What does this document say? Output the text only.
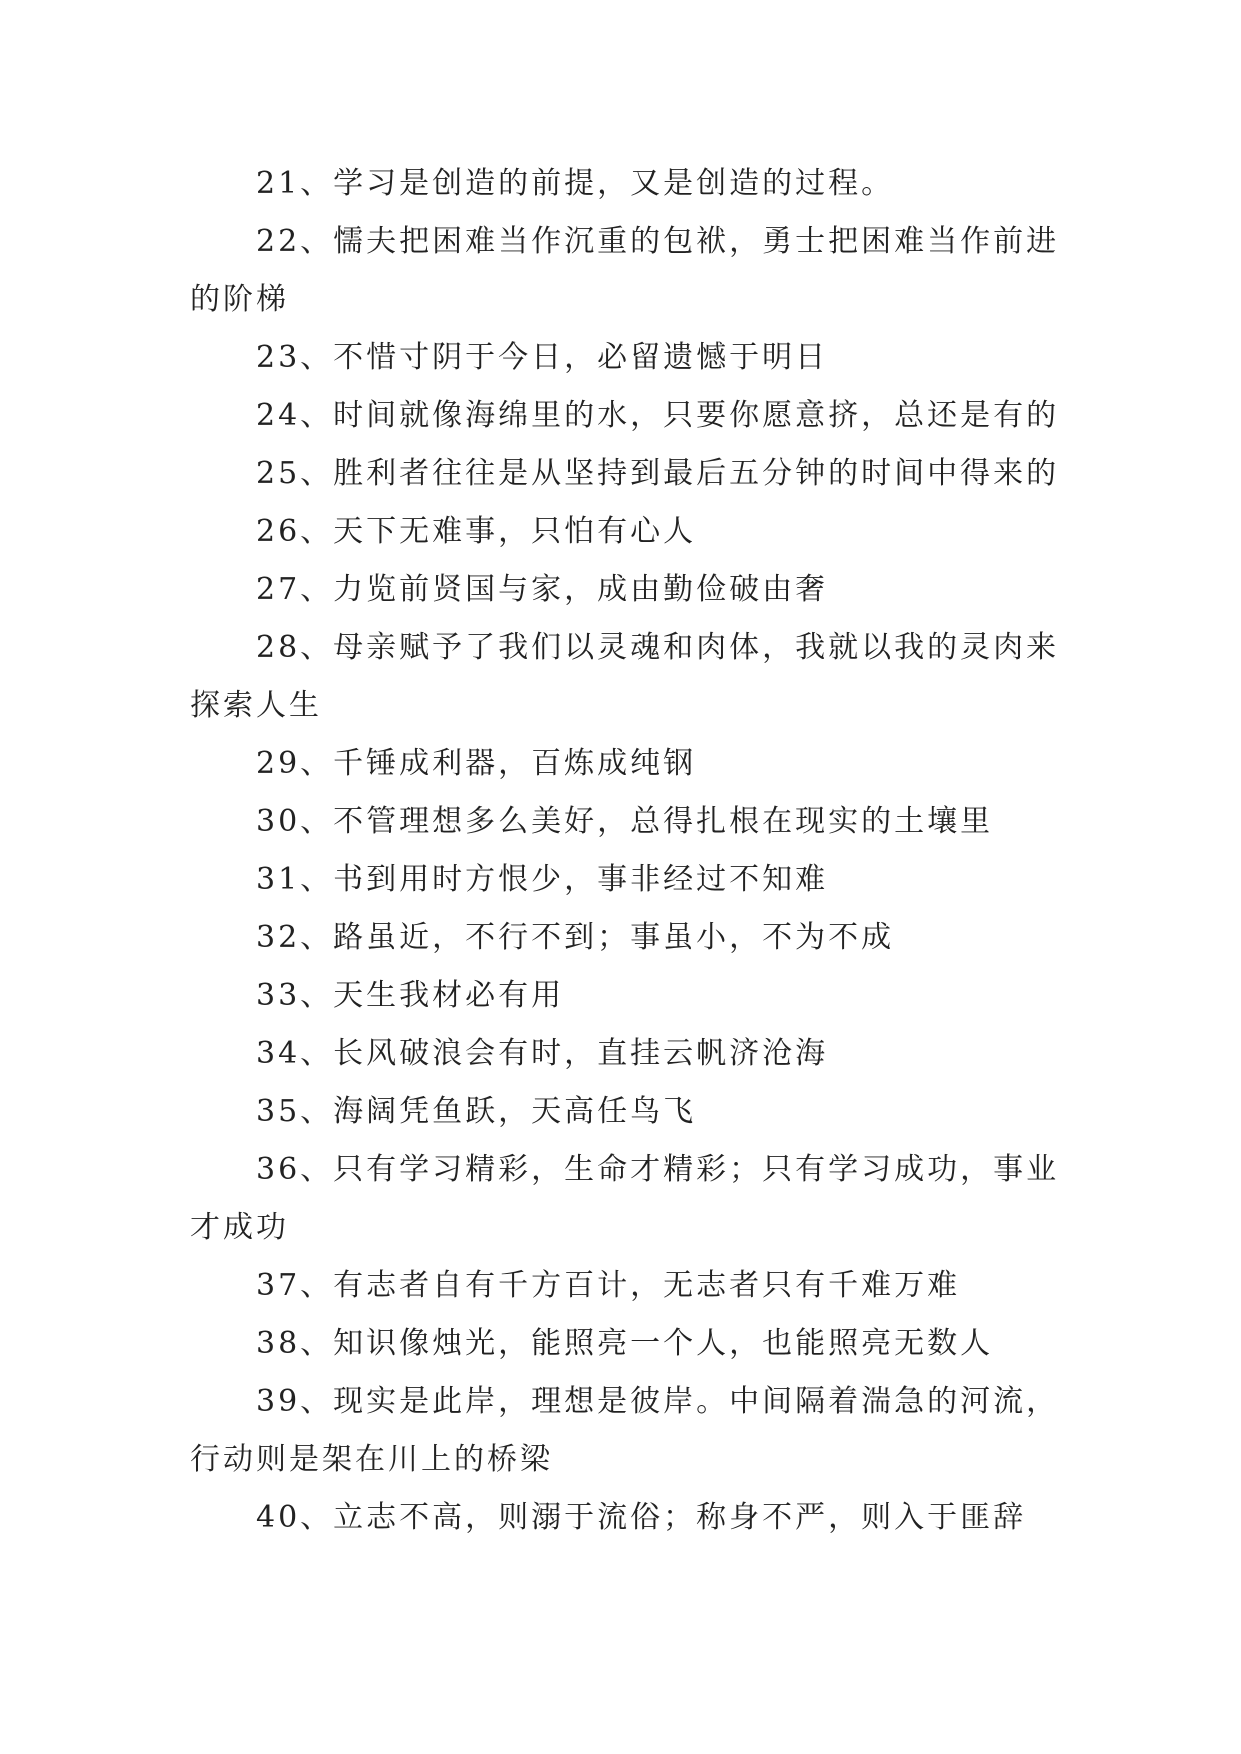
21、学习是创造的前提，又是创造的过程。

22、懦夫把困难当作沉重的包袱，勇士把困难当作前进的阶梯

23、不惜寸阴于今日，必留遗憾于明日

24、时间就像海绵里的水，只要你愿意挤，总还是有的

25、胜利者往往是从坚持到最后五分钟的时间中得来的

26、天下无难事，只怕有心人

27、力览前贤国与家，成由勤俭破由奢

28、母亲赋予了我们以灵魂和肉体，我就以我的灵肉来探索人生

29、千锤成利器，百炼成纯钢

30、不管理想多么美好，总得扎根在现实的土壤里

31、书到用时方恨少，事非经过不知难

32、路虽近，不行不到；事虽小，不为不成

33、天生我材必有用

34、长风破浪会有时，直挂云帆济沧海

35、海阔凭鱼跃，天高任鸟飞

36、只有学习精彩，生命才精彩；只有学习成功，事业才成功

37、有志者自有千方百计，无志者只有千难万难

38、知识像烛光，能照亮一个人，也能照亮无数人

39、现实是此岸，理想是彼岸。中间隔着湍急的河流，行动则是架在川上的桥梁

40、立志不高，则溺于流俗；称身不严，则入于匪辞
